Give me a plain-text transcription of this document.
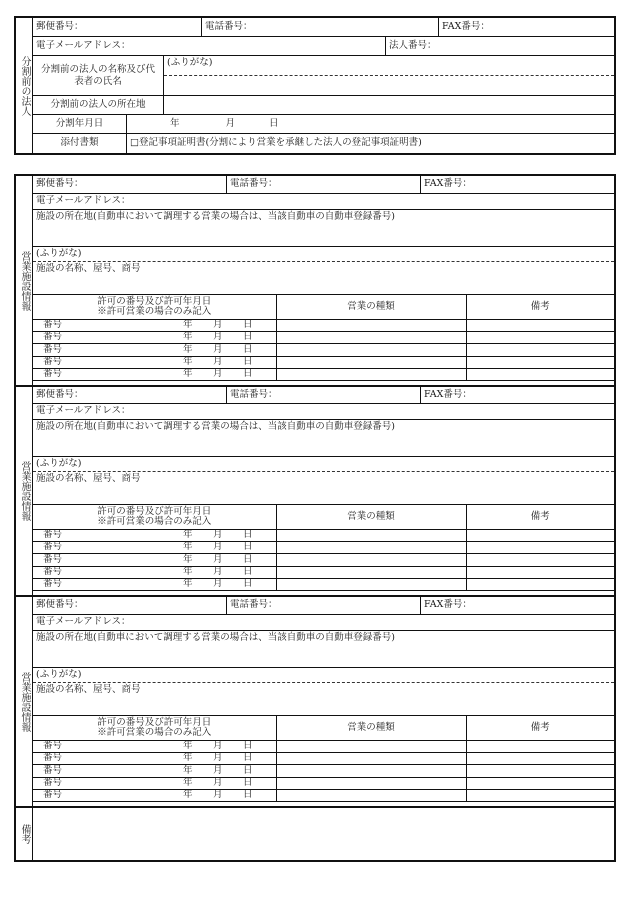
分割前の法人
郵便番号：	電話番号：	FAX番号：
電子メールアドレス：	法人番号：
分割前の法人の名称及び代表者の氏名
(ふりがな)
分割前の法人の所在地
分割年月日	年	月	日
添付書類	□登記事項証明書(分割により営業を承継した法人の登記事項証明書)
営業施設情報
郵便番号：	電話番号：	FAX番号：
電子メールアドレス：
施設の所在地(自動車において調理する営業の場合は、当該自動車の自動車登録番号)
(ふりがな)
施設の名称、屋号、商号
許可の番号及び許可年月日
※許可営業の場合のみ記入	営業の種類	備考
番号 年 月 日		
番号 年 月 日		
番号 年 月 日		
番号 年 月 日		
番号 年 月 日		
営業施設情報
郵便番号：	電話番号：	FAX番号：
電子メールアドレス：
施設の所在地(自動車において調理する営業の場合は、当該自動車の自動車登録番号)
(ふりがな)
施設の名称、屋号、商号
許可の番号及び許可年月日
※許可営業の場合のみ記入	営業の種類	備考
番号 年 月 日		
番号 年 月 日		
番号 年 月 日		
番号 年 月 日		
番号 年 月 日		
営業施設情報
郵便番号：	電話番号：	FAX番号：
電子メールアドレス：
施設の所在地(自動車において調理する営業の場合は、当該自動車の自動車登録番号)
(ふりがな)
施設の名称、屋号、商号
許可の番号及び許可年月日
※許可営業の場合のみ記入	営業の種類	備考
番号 年 月 日		
番号 年 月 日		
番号 年 月 日		
番号 年 月 日		
番号 年 月 日		
備考
